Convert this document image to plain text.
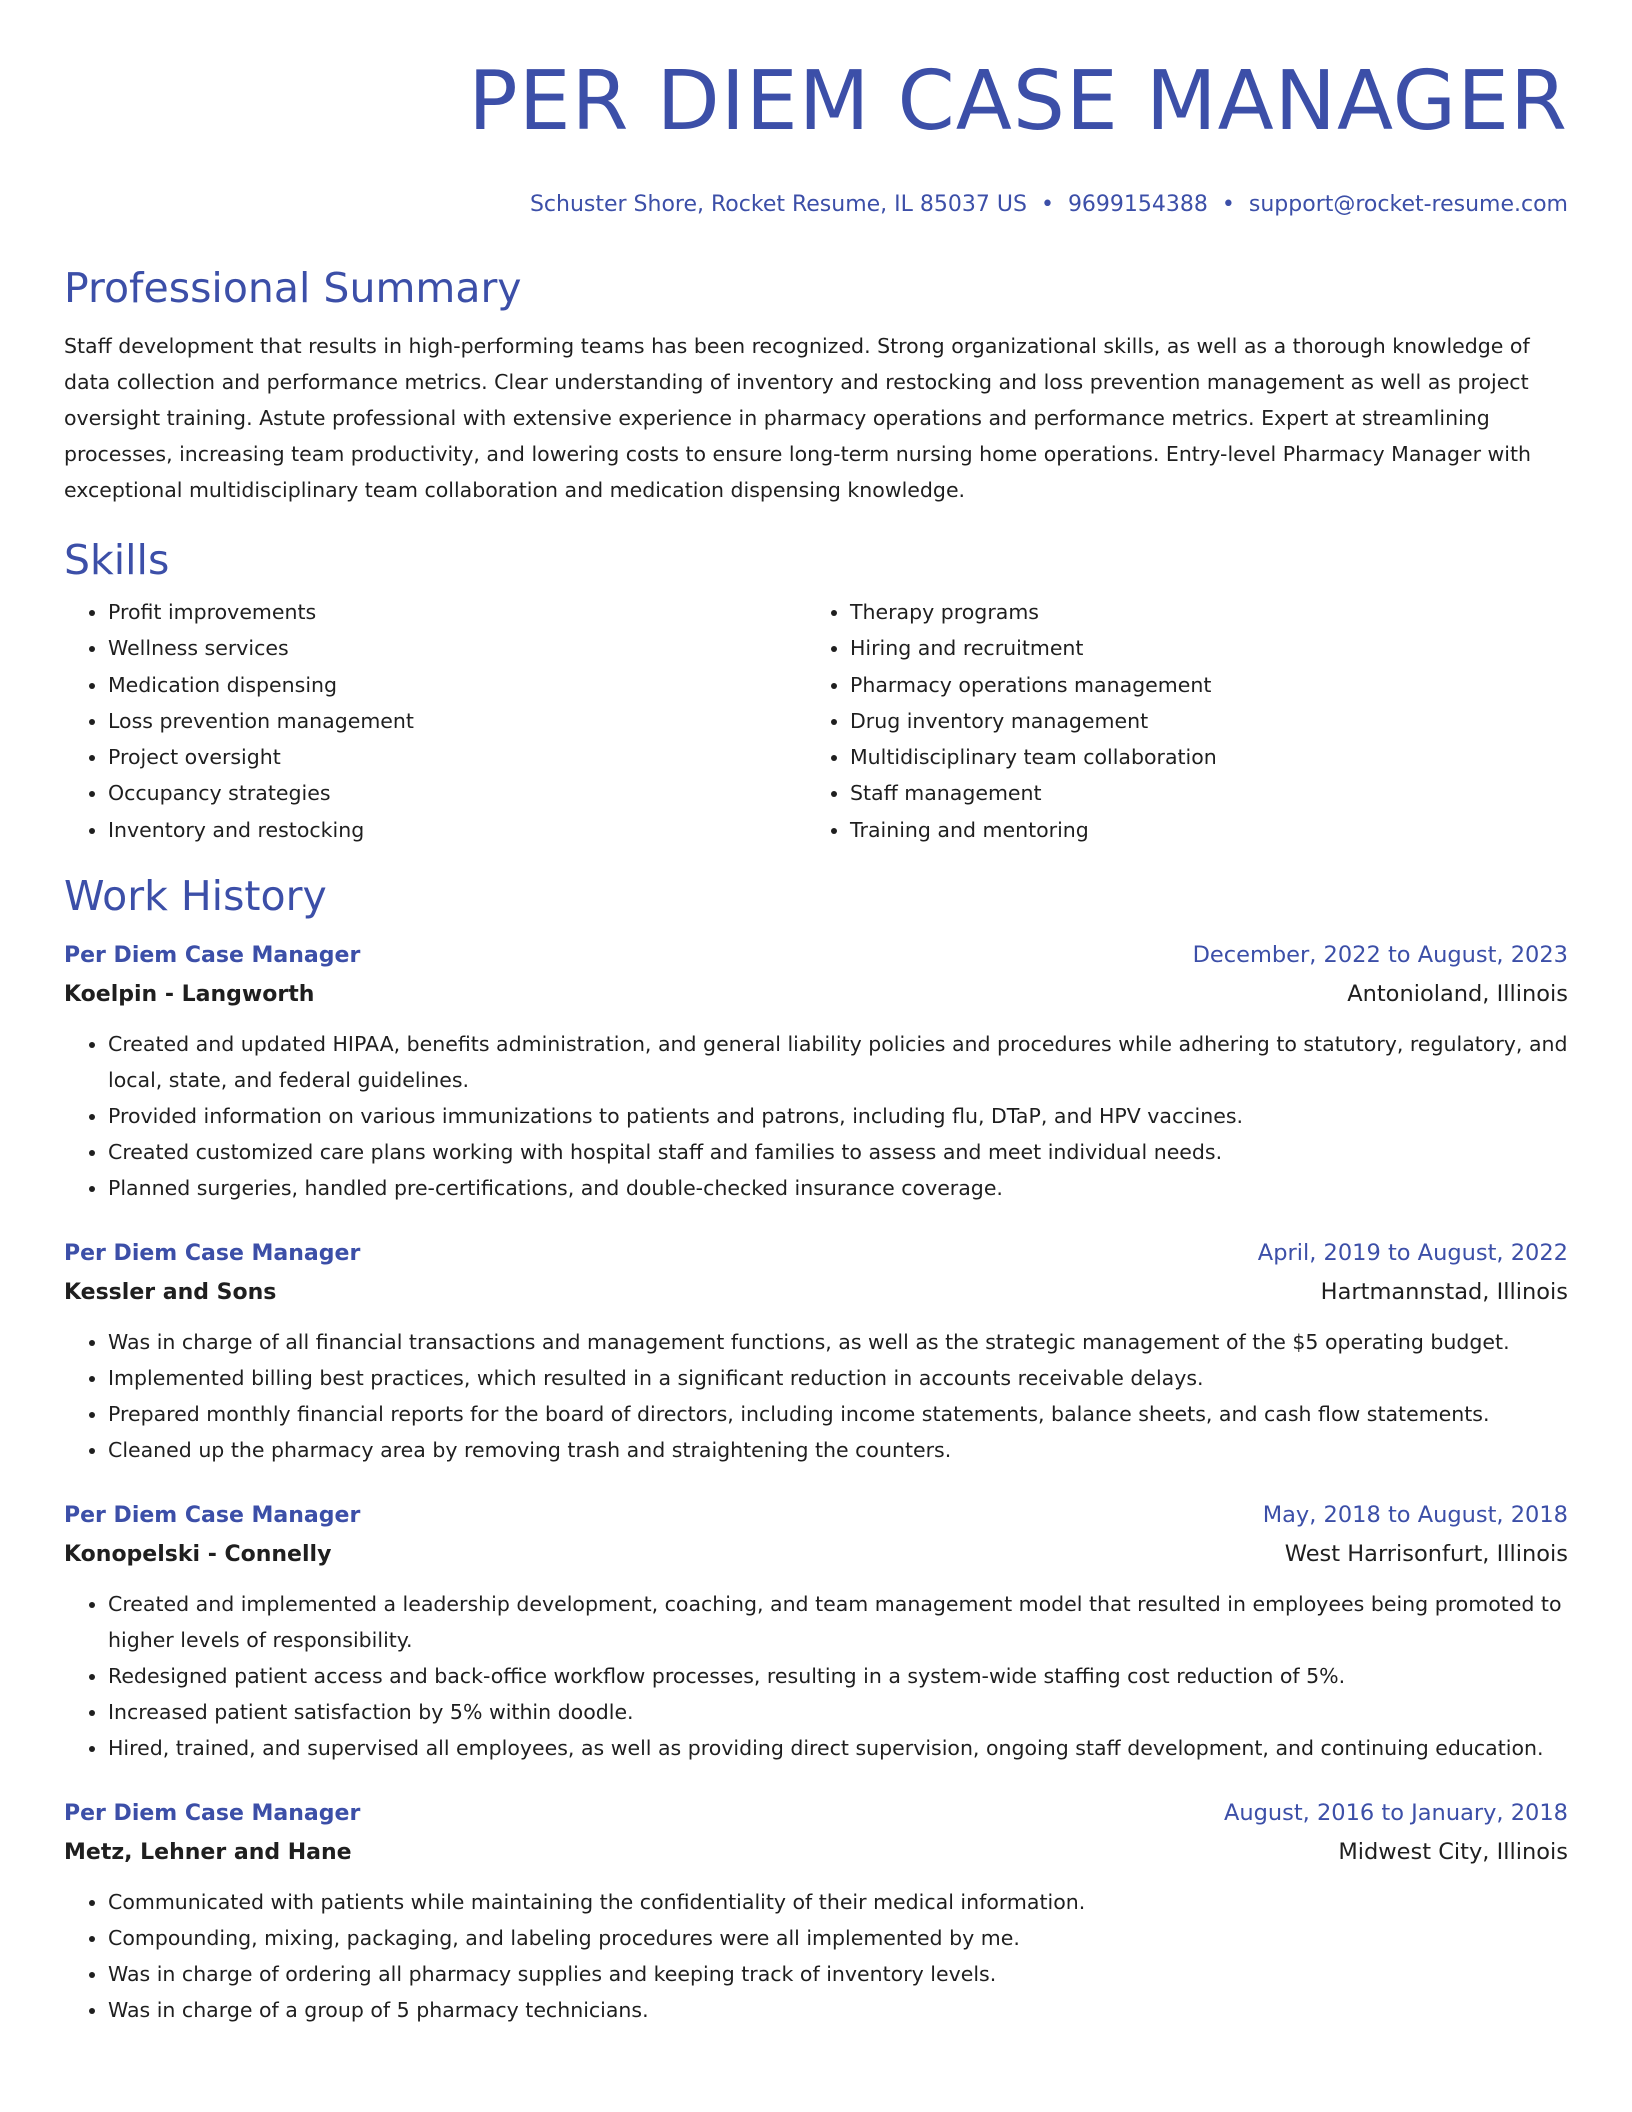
PER DIEM CASE MANAGER
Schuster Shore, Rocket Resume, IL 85037 US • 9699154388 • support@rocket-resume.com
Professional Summary

Staff development that results in high-performing teams has been recognized. Strong organizational skills, as well as a thorough knowledge of data collection and performance metrics. Clear understanding of inventory and restocking and loss prevention management as well as project oversight training. Astute professional with extensive experience in pharmacy operations and performance metrics. Expert at streamlining processes, increasing team productivity, and lowering costs to ensure long-term nursing home operations. Entry-level Pharmacy Manager with exceptional multidisciplinary team collaboration and medication dispensing knowledge.

Skills
• Profit improvements
• Wellness services
• Medication dispensing
• Loss prevention management
• Project oversight
• Occupancy strategies
• Inventory and restocking
• Therapy programs
• Hiring and recruitment
• Pharmacy operations management
• Drug inventory management
• Multidisciplinary team collaboration
• Staff management
• Training and mentoring
Work History
Per Diem Case Manager	December, 2022 to August, 2023
Koelpin - Langworth	Antonioland, Illinois
• Created and updated HIPAA, benefits administration, and general liability policies and procedures while adhering to statutory, regulatory, and local, state, and federal guidelines.
• Provided information on various immunizations to patients and patrons, including flu, DTaP, and HPV vaccines.
• Created customized care plans working with hospital staff and families to assess and meet individual needs.
• Planned surgeries, handled pre-certifications, and double-checked insurance coverage.
Per Diem Case Manager	April, 2019 to August, 2022
Kessler and Sons	Hartmannstad, Illinois
• Was in charge of all financial transactions and management functions, as well as the strategic management of the $5 operating budget.
• Implemented billing best practices, which resulted in a significant reduction in accounts receivable delays.
• Prepared monthly financial reports for the board of directors, including income statements, balance sheets, and cash flow statements.
• Cleaned up the pharmacy area by removing trash and straightening the counters.
Per Diem Case Manager	May, 2018 to August, 2018
Konopelski - Connelly	West Harrisonfurt, Illinois
• Created and implemented a leadership development, coaching, and team management model that resulted in employees being promoted to higher levels of responsibility.
• Redesigned patient access and back-office workflow processes, resulting in a system-wide staffing cost reduction of 5%.
• Increased patient satisfaction by 5% within doodle.
• Hired, trained, and supervised all employees, as well as providing direct supervision, ongoing staff development, and continuing education.
Per Diem Case Manager	August, 2016 to January, 2018
Metz, Lehner and Hane	Midwest City, Illinois
• Communicated with patients while maintaining the confidentiality of their medical information.
• Compounding, mixing, packaging, and labeling procedures were all implemented by me.
• Was in charge of ordering all pharmacy supplies and keeping track of inventory levels.
• Was in charge of a group of 5 pharmacy technicians.
